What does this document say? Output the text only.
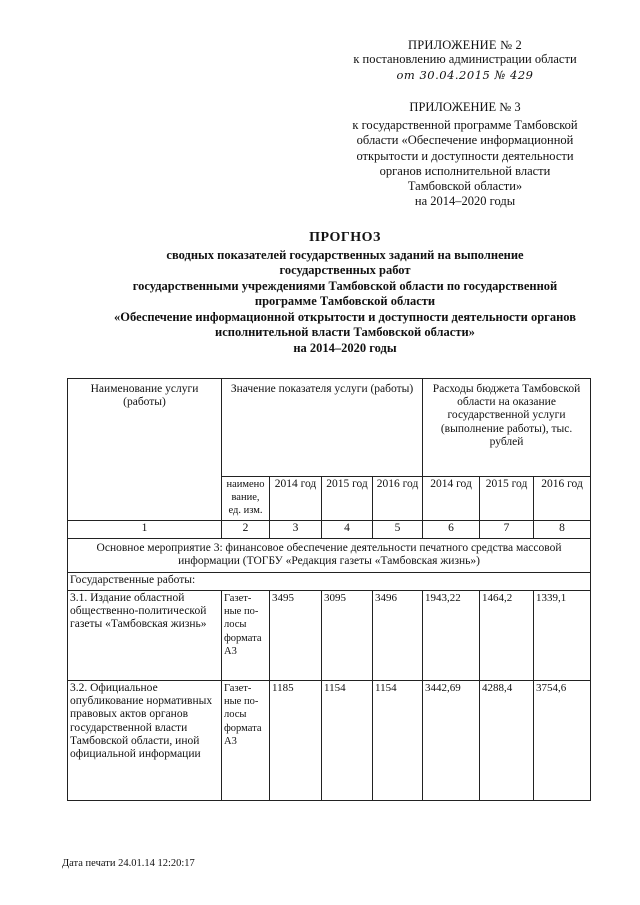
ПРИЛОЖЕНИЕ № 2
к постановлению администрации области
от 30.04.2015 № 429
ПРИЛОЖЕНИЕ № 3
к государственной программе Тамбовской
области «Обеспечение информационной
открытости и доступности деятельности
органов исполнительной власти
Тамбовской области»
на 2014–2020 годы
ПРОГНОЗ
сводных показателей государственных заданий на выполнение
государственных работ
государственными учреждениями Тамбовской области по государственной
программе Тамбовской области
«Обеспечение информационной открытости и доступности деятельности органов
исполнительной власти Тамбовской области»
на 2014–2020 годы
Наименование услуги (работы)	Значение показателя услуги (работы)				Расходы бюджета Тамбовской области на оказание государственной услуги (выполнение работы), тыс. рублей		
	наимено вание, ед. изм.	2014 год	2015 год	2016 год	2014 год	2015 год	2016 год
1	2	3	4	5	6	7	8
Основное мероприятие 3: финансовое обеспечение деятельности печатного средства массовой информации (ТОГБУ «Редакция газеты «Тамбовская жизнь»)							
Государственные работы:							
3.1. Издание областной общественно-политической газеты «Тамбовская жизнь»	Газет-ные по-лосы формата А3	3495	3095	3496	1943,22	1464,2	1339,1
3.2. Официальное опубликование нормативных правовых актов органов государственной власти Тамбовской области, иной официальной информации	Газет-ные по-лосы формата А3	1185	1154	1154	3442,69	4288,4	3754,6
Дата печати 24.01.14 12:20:17
